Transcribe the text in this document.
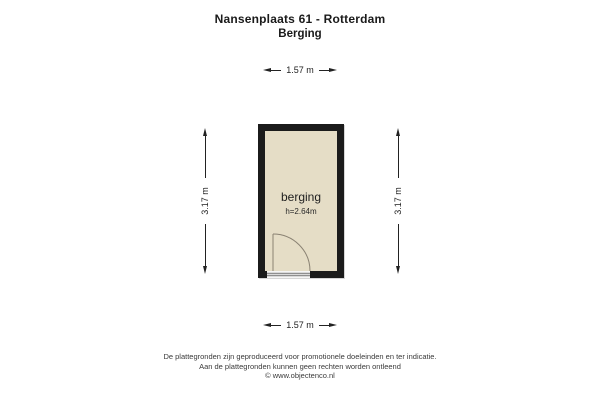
Nansenplaats 61 - Rotterdam
Berging
1.57 m
3.17 m	3.17 m
berging
h=2.64m
1.57 m
De plattegronden zijn geproduceerd voor promotionele doeleinden en ter indicatie.
Aan de plattegronden kunnen geen rechten worden ontleend
© www.objectenco.nl
